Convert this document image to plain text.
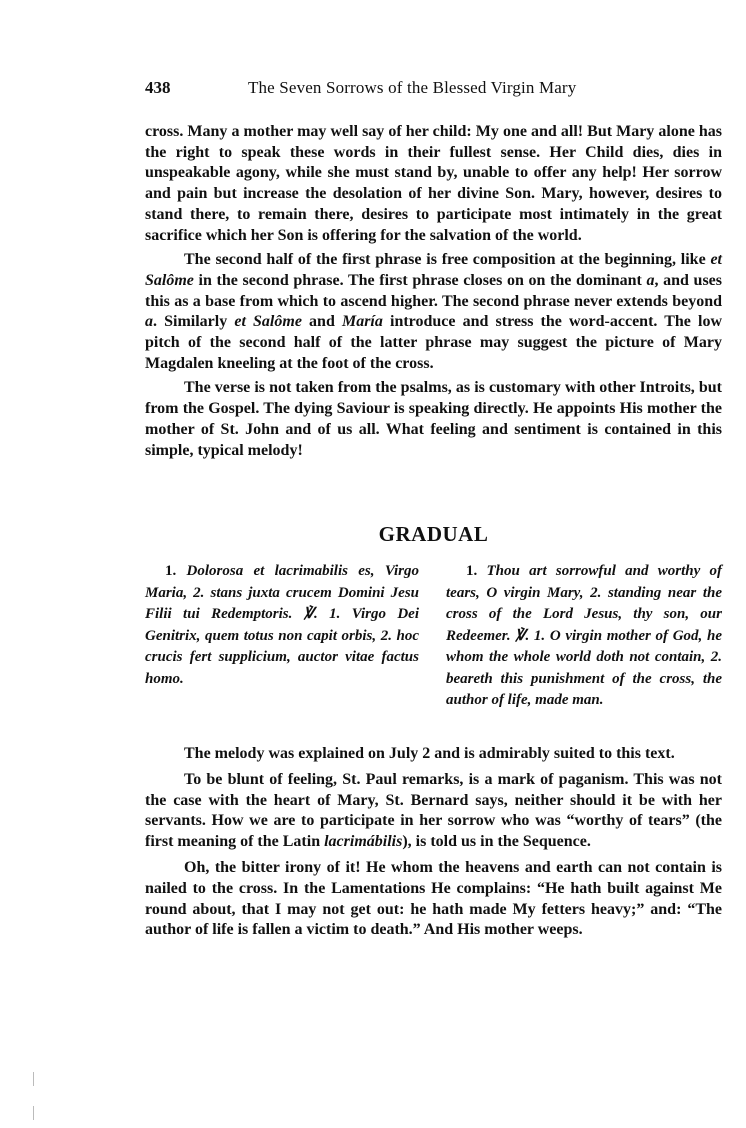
438	The Seven Sorrows of the Blessed Virgin Mary

cross. Many a mother may well say of her child: My one and all! But Mary alone has the right to speak these words in their fullest sense. Her Child dies, dies in unspeakable agony, while she must stand by, unable to offer any help! Her sorrow and pain but increase the desolation of her divine Son. Mary, however, desires to stand there, to remain there, desires to participate most intimately in the great sacrifice which her Son is offering for the salvation of the world.

The second half of the first phrase is free composition at the beginning, like et Salôme in the second phrase. The first phrase closes on on the dominant a, and uses this as a base from which to ascend higher. The second phrase never extends beyond a. Similarly et Salôme and María introduce and stress the word-accent. The low pitch of the second half of the latter phrase may suggest the picture of Mary Magdalen kneeling at the foot of the cross.

The verse is not taken from the psalms, as is customary with other Introits, but from the Gospel. The dying Saviour is speaking directly. He appoints His mother the mother of St. John and of us all. What feeling and sentiment is contained in this simple, typical melody!

GRADUAL
1. Dolorosa et lacrimabilis es, Virgo Maria, 2. stans juxta crucem Domini Jesu Filii tui Redemptoris. ℣. 1. Virgo Dei Genitrix, quem totus non capit orbis, 2. hoc crucis fert supplicium, auctor vitae factus homo.
1. Thou art sorrowful and worthy of tears, O virgin Mary, 2. standing near the cross of the Lord Jesus, thy son, our Redeemer. ℣. 1. O virgin mother of God, he whom the whole world doth not contain, 2. beareth this punishment of the cross, the author of life, made man.

The melody was explained on July 2 and is admirably suited to this text.

To be blunt of feeling, St. Paul remarks, is a mark of paganism. This was not the case with the heart of Mary, St. Bernard says, neither should it be with her servants. How we are to participate in her sorrow who was “worthy of tears” (the first meaning of the Latin lacrimábilis), is told us in the Sequence.

Oh, the bitter irony of it! He whom the heavens and earth can not contain is nailed to the cross. In the Lamentations He complains: “He hath built against Me round about, that I may not get out: he hath made My fetters heavy;” and: “The author of life is fallen a victim to death.” And His mother weeps.
